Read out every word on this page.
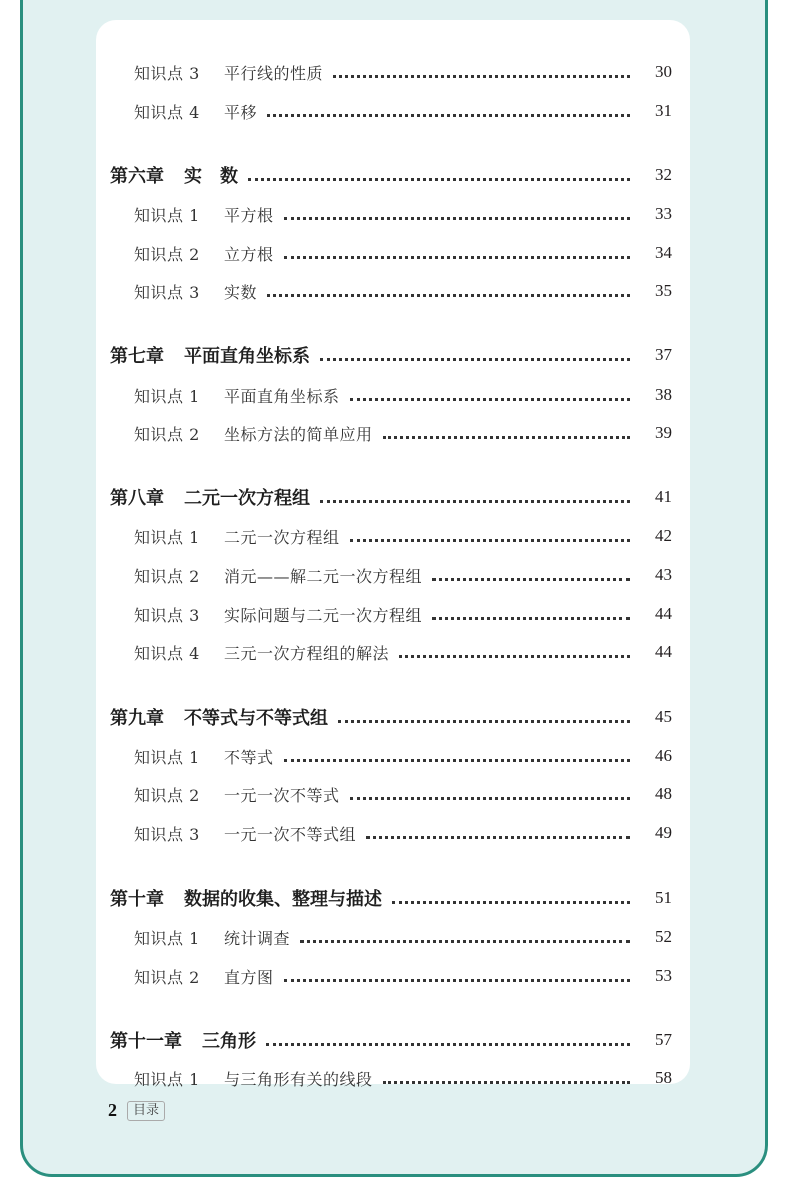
知识点 3	平行线的性质	30
知识点 4	平移	31
第六章 实　数	32
知识点 1	平方根	33
知识点 2	立方根	34
知识点 3	实数	35
第七章 平面直角坐标系	37
知识点 1	平面直角坐标系	38
知识点 2	坐标方法的简单应用	39
第八章 二元一次方程组	41
知识点 1	二元一次方程组	42
知识点 2	消元——解二元一次方程组	43
知识点 3	实际问题与二元一次方程组	44
知识点 4	三元一次方程组的解法	44
第九章 不等式与不等式组	45
知识点 1	不等式	46
知识点 2	一元一次不等式	48
知识点 3	一元一次不等式组	49
第十章 数据的收集、整理与描述	51
知识点 1	统计调查	52
知识点 2	直方图	53
第十一章 三角形	57
知识点 1	与三角形有关的线段	58
2	目录
